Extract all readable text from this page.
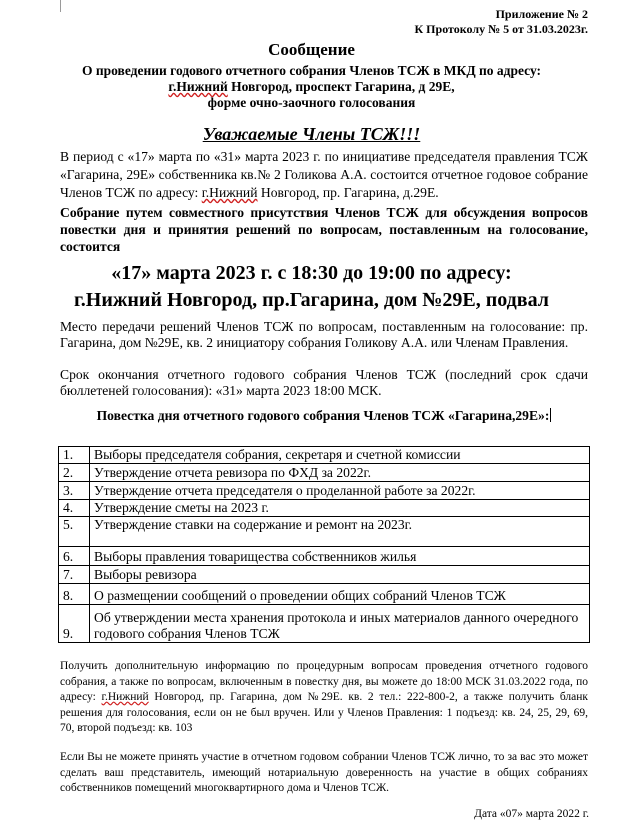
Приложение № 2
К Протоколу № 5 от 31.03.2023г.
Сообщение
О проведении годового отчетного собрания Членов ТСЖ в МКД по адресу:
г.Нижний Новгород, проспект Гагарина, д 29Е,
форме очно-заочного голосования
Уважаемые Члены ТСЖ!!!
В период с «17» марта по «31» марта 2023 г. по инициативе председателя правления ТСЖ «Гагарина, 29Е» собственника кв.№ 2 Голикова А.А. состоится отчетное годовое собрание Членов ТСЖ по адресу: г.Нижний Новгород, пр. Гагарина, д.29Е.
Собрание путем совместного присутствия Членов ТСЖ для обсуждения вопросов повестки дня и принятия решений по вопросам, поставленным на голосование, состоится
«17» марта 2023 г. с 18:30 до 19:00 по адресу:
г.Нижний Новгород, пр.Гагарина, дом №29Е, подвал
Место передачи решений Членов ТСЖ по вопросам, поставленным на голосование: пр. Гагарина, дом №29Е, кв. 2 инициатору собрания Голикову А.А. или Членам Правления.
Срок окончания отчетного годового собрания Членов ТСЖ (последний срок сдачи бюллетеней голосования): «31» марта 2023 18:00 МСК.
Повестка дня отчетного годового собрания Членов ТСЖ «Гагарина,29Е»:
1.	Выборы председателя собрания, секретаря и счетной комиссии
2.	Утверждение отчета ревизора по ФХД за 2022г.
3.	Утверждение отчета председателя о проделанной работе за 2022г.
4.	Утверждение сметы на 2023 г.
5.	Утверждение ставки на содержание и ремонт на 2023г.
6.	Выборы правления товарищества собственников жилья
7.	Выборы ревизора
8.	О размещении сообщений о проведении общих собраний Членов ТСЖ
9.	Об утверждении места хранения протокола и иных материалов данного очередного годового собрания Членов ТСЖ
Получить дополнительную информацию по процедурным вопросам проведения отчетного годового собрания, а также по вопросам, включенным в повестку дня, вы можете до 18:00 МСК 31.03.2022 года, по адресу: г.Нижний Новгород, пр. Гагарина, дом №29Е. кв. 2 тел.: 222-800-2, а также получить бланк решения для голосования, если он не был вручен. Или у Членов Правления: 1 подъезд: кв. 24, 25, 29, 69, 70, второй подъезд: кв. 103
Если Вы не можете принять участие в отчетном годовом собрании Членов ТСЖ лично, то за вас это может сделать ваш представитель, имеющий нотариальную доверенность на участие в общих собраниях собственников помещений многоквартирного дома и Членов ТСЖ.
Дата «07» марта 2022 г.
